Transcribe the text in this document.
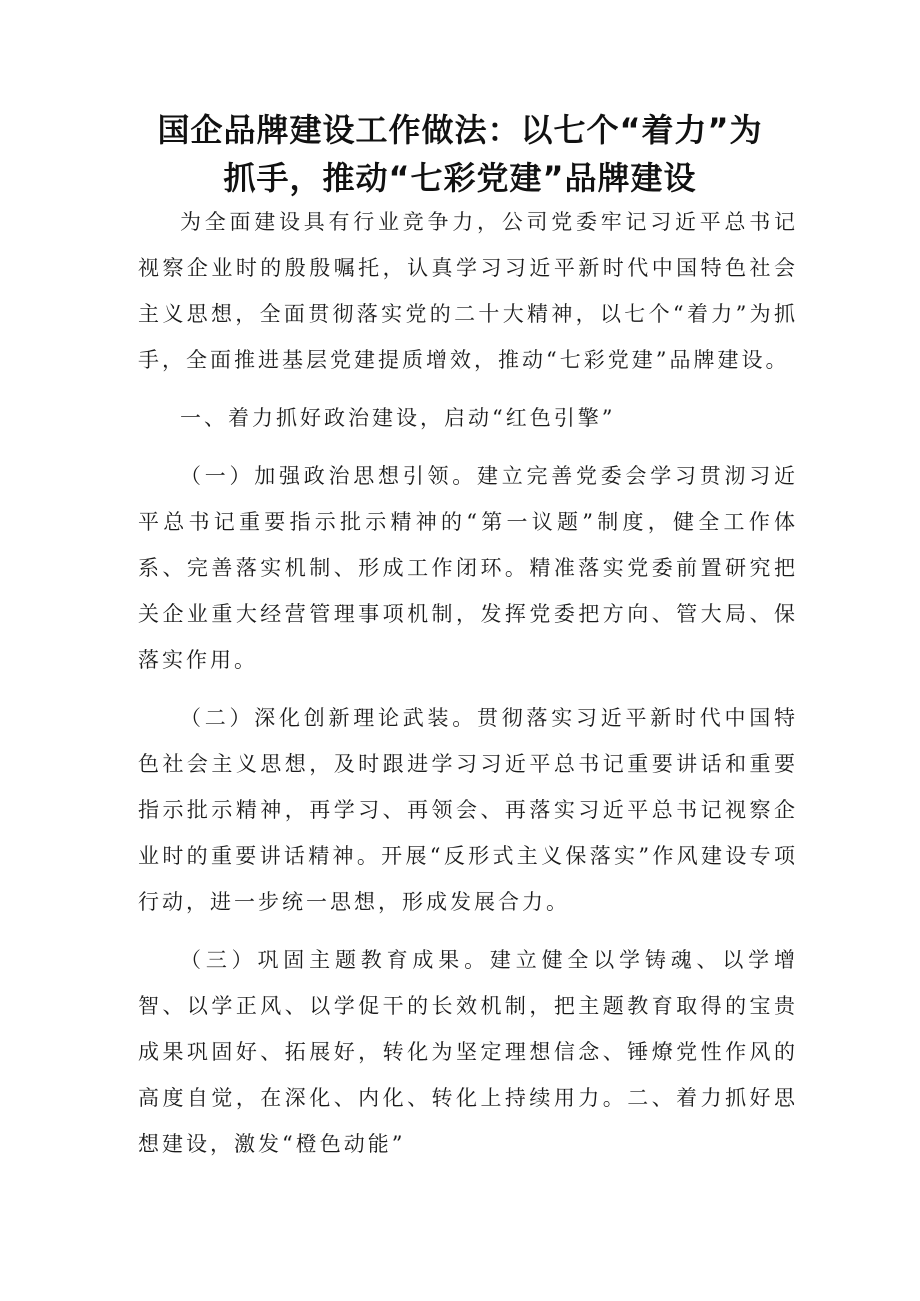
国企品牌建设工作做法：以七个“着力”为
抓手，推动“七彩党建”品牌建设

为全面建设具有行业竞争力，公司党委牢记习近平总书记视察企业时的殷殷嘱托，认真学习习近平新时代中国特色社会主义思想，全面贯彻落实党的二十大精神，以七个“着力”为抓手，全面推进基层党建提质增效，推动“七彩党建”品牌建设。

一、着力抓好政治建设，启动“红色引擎”

（一）加强政治思想引领。建立完善党委会学习贯沏习近平总书记重要指示批示精神的“第一议题”制度，健全工作体系、完善落实机制、形成工作闭环。精准落实党委前置研究把关企业重大经营管理事项机制，发挥党委把方向、管大局、保落实作用。

（二）深化创新理论武装。贯彻落实习近平新时代中国特色社会主义思想，及时跟进学习习近平总书记重要讲话和重要指示批示精神，再学习、再领会、再落实习近平总书记视察企业时的重要讲话精神。开展“反形式主义保落实”作风建设专项行动，进一步统一思想，形成发展合力。

（三）巩固主题教育成果。建立健全以学铸魂、以学增智、以学正风、以学促干的长效机制，把主题教育取得的宝贵成果巩固好、拓展好，转化为坚定理想信念、锤燎党性作风的高度自觉，在深化、内化、转化上持续用力。二、着力抓好思想建设，激发“橙色动能”
